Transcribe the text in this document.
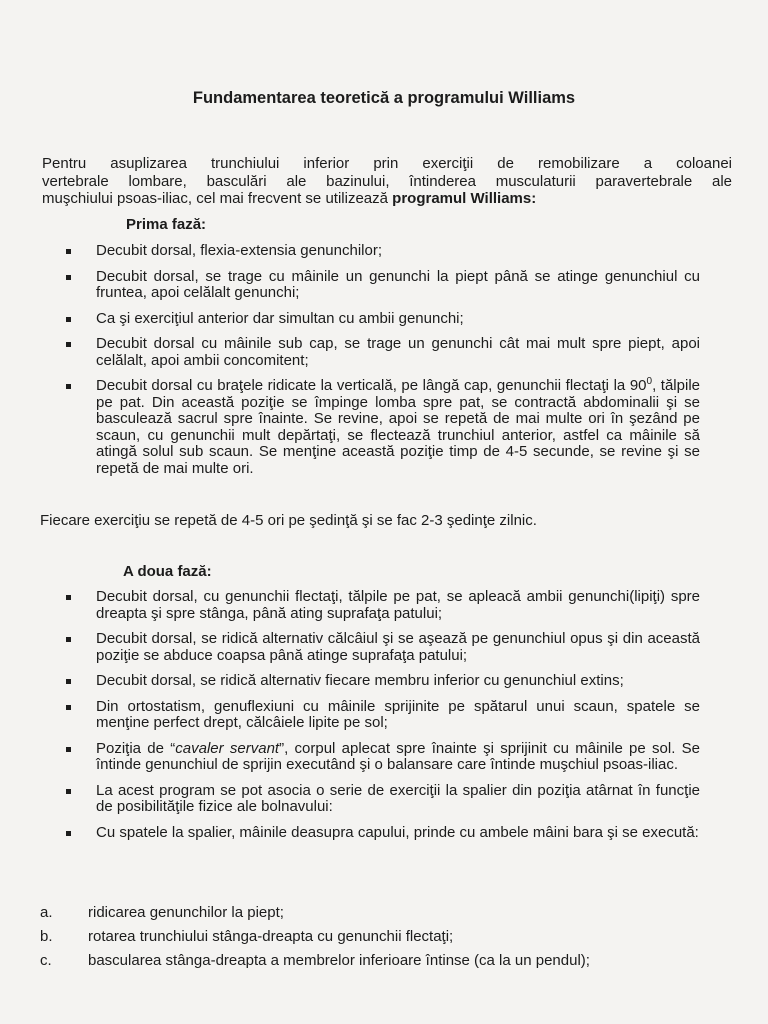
Fundamentarea teoretică a programului Williams
Pentru asuplizarea trunchiului inferior prin exerciţii de remobilizare a coloanei
vertebrale lombare, basculări ale bazinului, întinderea musculaturii paravertebrale ale
muşchiului psoas-iliac, cel mai frecvent se utilizează programul Williams:
Prima fază:
Decubit dorsal, flexia-extensia genunchilor;
Decubit dorsal, se trage cu mâinile un genunchi la piept până se atinge genunchiul cu fruntea, apoi celălalt genunchi;
Ca şi exerciţiul anterior dar simultan cu ambii genunchi;
Decubit dorsal cu mâinile sub cap, se trage un genunchi cât mai mult spre piept, apoi celălalt, apoi ambii concomitent;
Decubit dorsal cu braţele ridicate la verticală, pe lângă cap, genunchii flectaţi la $90^0$, tălpile pe pat. Din această poziţie se împinge lomba spre pat, se contractă abdominalii şi se basculează sacrul spre înainte. Se revine, apoi se repetă de mai multe ori în şezând pe scaun, cu genunchii mult depărtaţi, se flectează trunchiul anterior, astfel ca mâinile să atingă solul sub scaun. Se menţine această poziţie timp de 4-5 secunde, se revine şi se repetă de mai multe ori.
Fiecare exerciţiu se repetă de 4-5 ori pe şedinţă şi se fac 2-3 şedinţe zilnic.
A doua fază:
Decubit dorsal, cu genunchii flectaţi, tălpile pe pat, se apleacă ambii genunchi(lipiţi) spre dreapta şi spre stânga, până ating suprafaţa patului;
Decubit dorsal, se ridică alternativ călcâiul şi se aşează pe genunchiul opus şi din această poziţie se abduce coapsa până atinge suprafaţa patului;
Decubit dorsal, se ridică alternativ fiecare membru inferior cu genunchiul extins;
Din ortostatism, genuflexiuni cu mâinile sprijinite pe spătarul unui scaun, spatele se menţine perfect drept, călcâiele lipite pe sol;
Poziţia de “cavaler servant”, corpul aplecat spre înainte şi sprijinit cu mâinile pe sol. Se întinde genunchiul de sprijin executând şi o balansare care întinde muşchiul psoas-iliac.
La acest program se pot asocia o serie de exerciţii la spalier din poziţia atârnat în funcţie de posibilităţile fizice ale bolnavului:
Cu spatele la spalier, mâinile deasupra capului, prinde cu ambele mâini bara şi se execută:
a. ridicarea genunchilor la piept;
b. rotarea trunchiului stânga-dreapta cu genunchii flectaţi;
c. bascularea stânga-dreapta a membrelor inferioare întinse (ca la un pendul);
